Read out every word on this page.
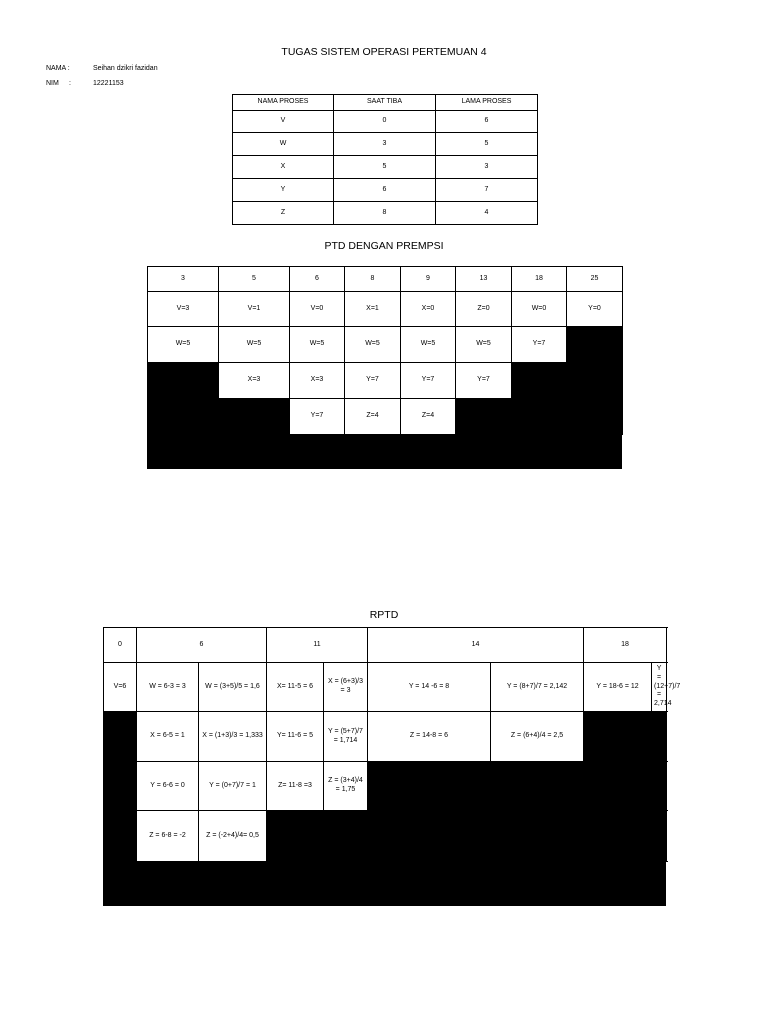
TUGAS SISTEM OPERASI PERTEMUAN 4
NAMA :	Seihan dzikri fazidan
NIM :	12221153
NAMA PROSES	SAAT TIBA	LAMA PROSES
V	0	6
W	3	5
X	5	3
Y	6	7
Z	8	4
PTD DENGAN PREMPSI
3	5	6	8	9	13	18	25
V=3	V=1	V=0	X=1	X=0	Z=0	W=0	Y=0
W=5	W=5	W=5	W=5	W=5	W=5	Y=7	
	X=3	X=3	Y=7	Y=7	Y=7		
		Y=7	Z=4	Z=4			
RPTD
0	6		11		14		18	
V=6	W = 6-3 = 3	W = (3+5)/5 = 1,6	X= 11-5 = 6	X = (6+3)/3 = 3	Y = 14 -6 = 8	Y = (8+7)/7 = 2,142	Y = 18-6 = 12	Y = (12+7)/7 = 2,714
	X = 6-5 = 1	X = (1+3)/3 = 1,333	Y= 11-6 = 5	Y = (5+7)/7 = 1,714	Z = 14-8 = 6	Z = (6+4)/4 = 2,5		
	Y = 6-6 = 0	Y = (0+7)/7 = 1	Z= 11-8 =3	Z = (3+4)/4 = 1,75				
	Z = 6-8 = -2	Z = (-2+4)/4= 0,5						
